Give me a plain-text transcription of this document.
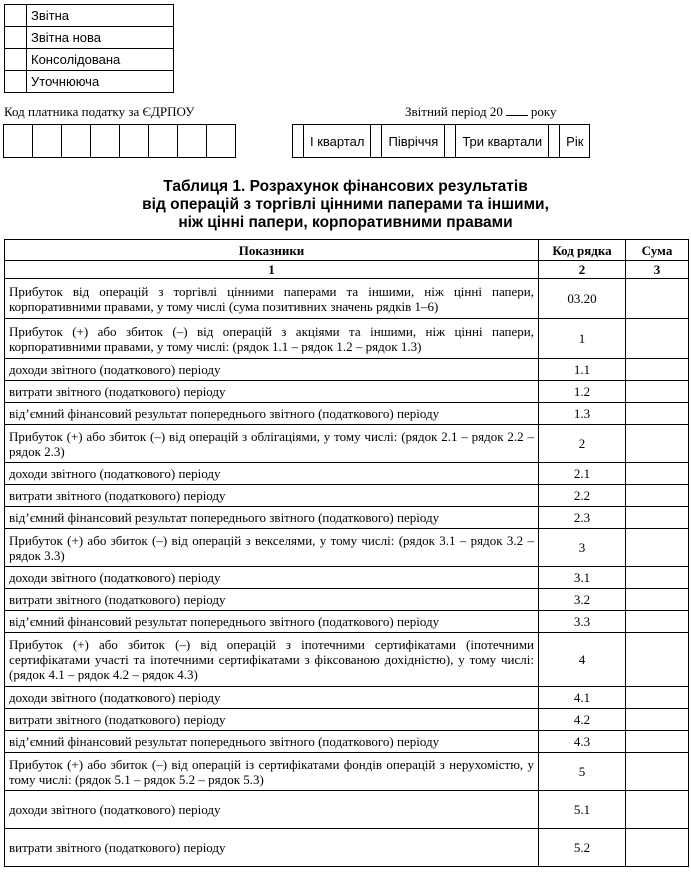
	Звітна
	Звітна нова
	Консолідована
	Уточнююча
Код платника податку за ЄДРПОУ	Звітний період 20 року

	І квартал		Півріччя		Три квартали		Рік
Таблиця 1. Розрахунок фінансових результатів
від операцій з торгівлі цінними паперами та іншими,
ніж цінні папери, корпоративними правами
Показники	Код рядка	Сума
1	2	3
Прибуток від операцій з торгівлі цінними паперами та іншими, ніж цінні папери, корпоративними правами, у тому числі (сума позитивних значень рядків 1–6)	03.20	
Прибуток (+) або збиток (–) від операцій з акціями та іншими, ніж цінні папери, корпоративними правами, у тому числі: (рядок 1.1 – рядок 1.2 – рядок 1.3)	1	
доходи звітного (податкового) періоду	1.1	
витрати звітного (податкового) періоду	1.2	
від’ємний фінансовий результат попереднього звітного (податкового) періоду	1.3	
Прибуток (+) або збиток (–) від операцій з облігаціями, у тому числі: (рядок 2.1 – рядок 2.2 – рядок 2.3)	2	
доходи звітного (податкового) періоду	2.1	
витрати звітного (податкового) періоду	2.2	
від’ємний фінансовий результат попереднього звітного (податкового) періоду	2.3	
Прибуток (+) або збиток (–) від операцій з векселями, у тому числі: (рядок 3.1 – рядок 3.2 – рядок 3.3)	3	
доходи звітного (податкового) періоду	3.1	
витрати звітного (податкового) періоду	3.2	
від’ємний фінансовий результат попереднього звітного (податкового) періоду	3.3	
Прибуток (+) або збиток (–) від операцій з іпотечними сертифікатами (іпотечними сертифікатами участі та іпотечними сертифікатами з фіксованою дохідністю), у тому числі: (рядок 4.1 – рядок 4.2 – рядок 4.3)	4	
доходи звітного (податкового) періоду	4.1	
витрати звітного (податкового) періоду	4.2	
від’ємний фінансовий результат попереднього звітного (податкового) періоду	4.3	
Прибуток (+) або збиток (–) від операцій із сертифікатами фондів операцій з нерухомістю, у тому числі: (рядок 5.1 – рядок 5.2 – рядок 5.3)	5	
доходи звітного (податкового) періоду	5.1	
витрати звітного (податкового) періоду	5.2	
